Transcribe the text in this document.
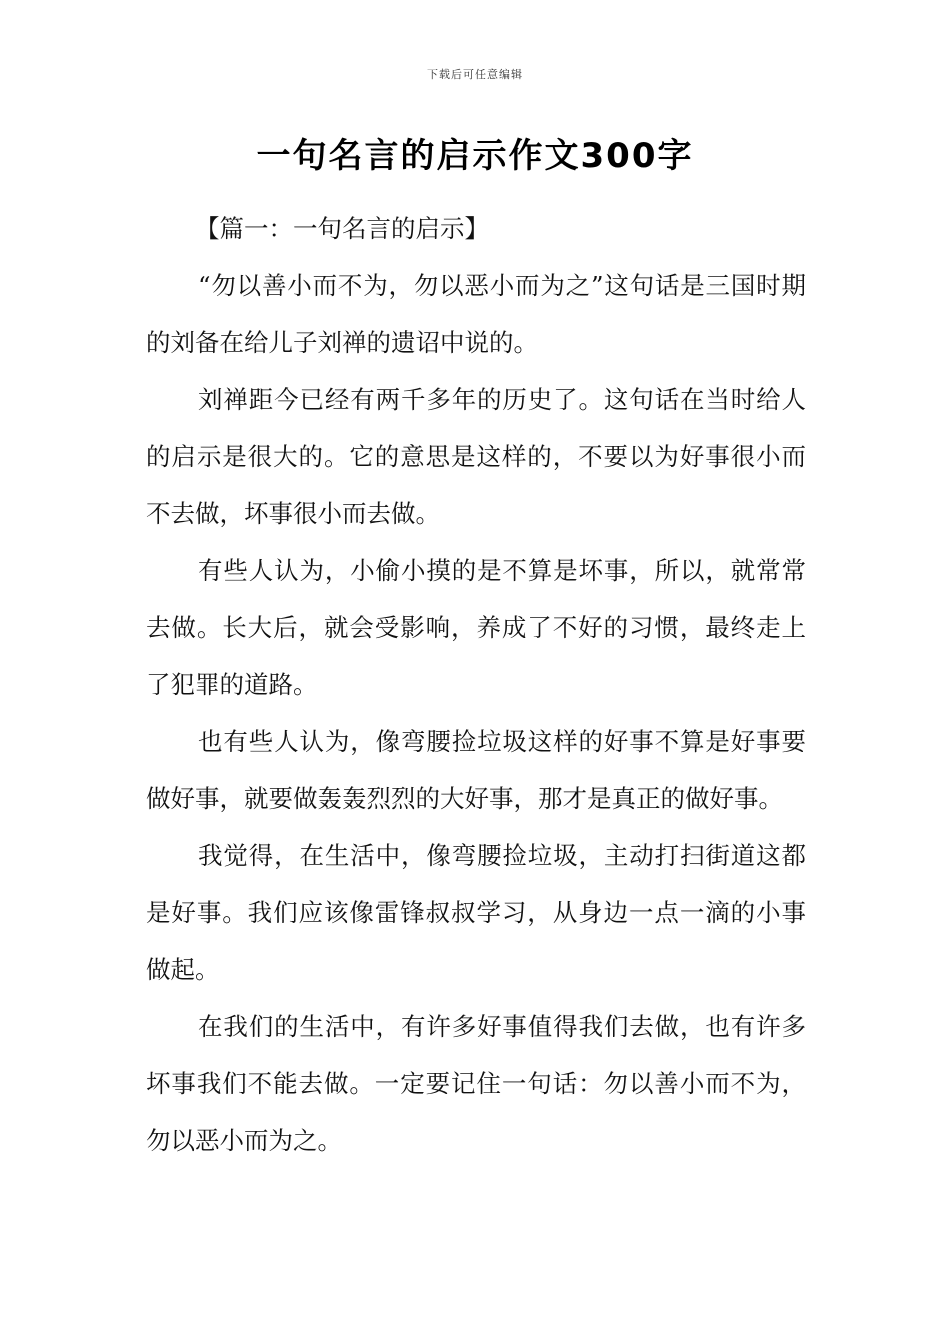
下载后可任意编辑
一句名言的启示作文300字

【篇一：一句名言的启示】

“勿以善小而不为，勿以恶小而为之”这句话是三国时期的刘备在给儿子刘禅的遗诏中说的。

刘禅距今已经有两千多年的历史了。这句话在当时给人的启示是很大的。它的意思是这样的，不要以为好事很小而不去做，坏事很小而去做。

有些人认为，小偷小摸的是不算是坏事，所以，就常常去做。长大后，就会受影响，养成了不好的习惯，最终走上了犯罪的道路。

也有些人认为，像弯腰捡垃圾这样的好事不算是好事要做好事，就要做轰轰烈烈的大好事，那才是真正的做好事。

我觉得，在生活中，像弯腰捡垃圾，主动打扫街道这都是好事。我们应该像雷锋叔叔学习，从身边一点一滴的小事做起。

在我们的生活中，有许多好事值得我们去做，也有许多坏事我们不能去做。一定要记住一句话：勿以善小而不为，勿以恶小而为之。
